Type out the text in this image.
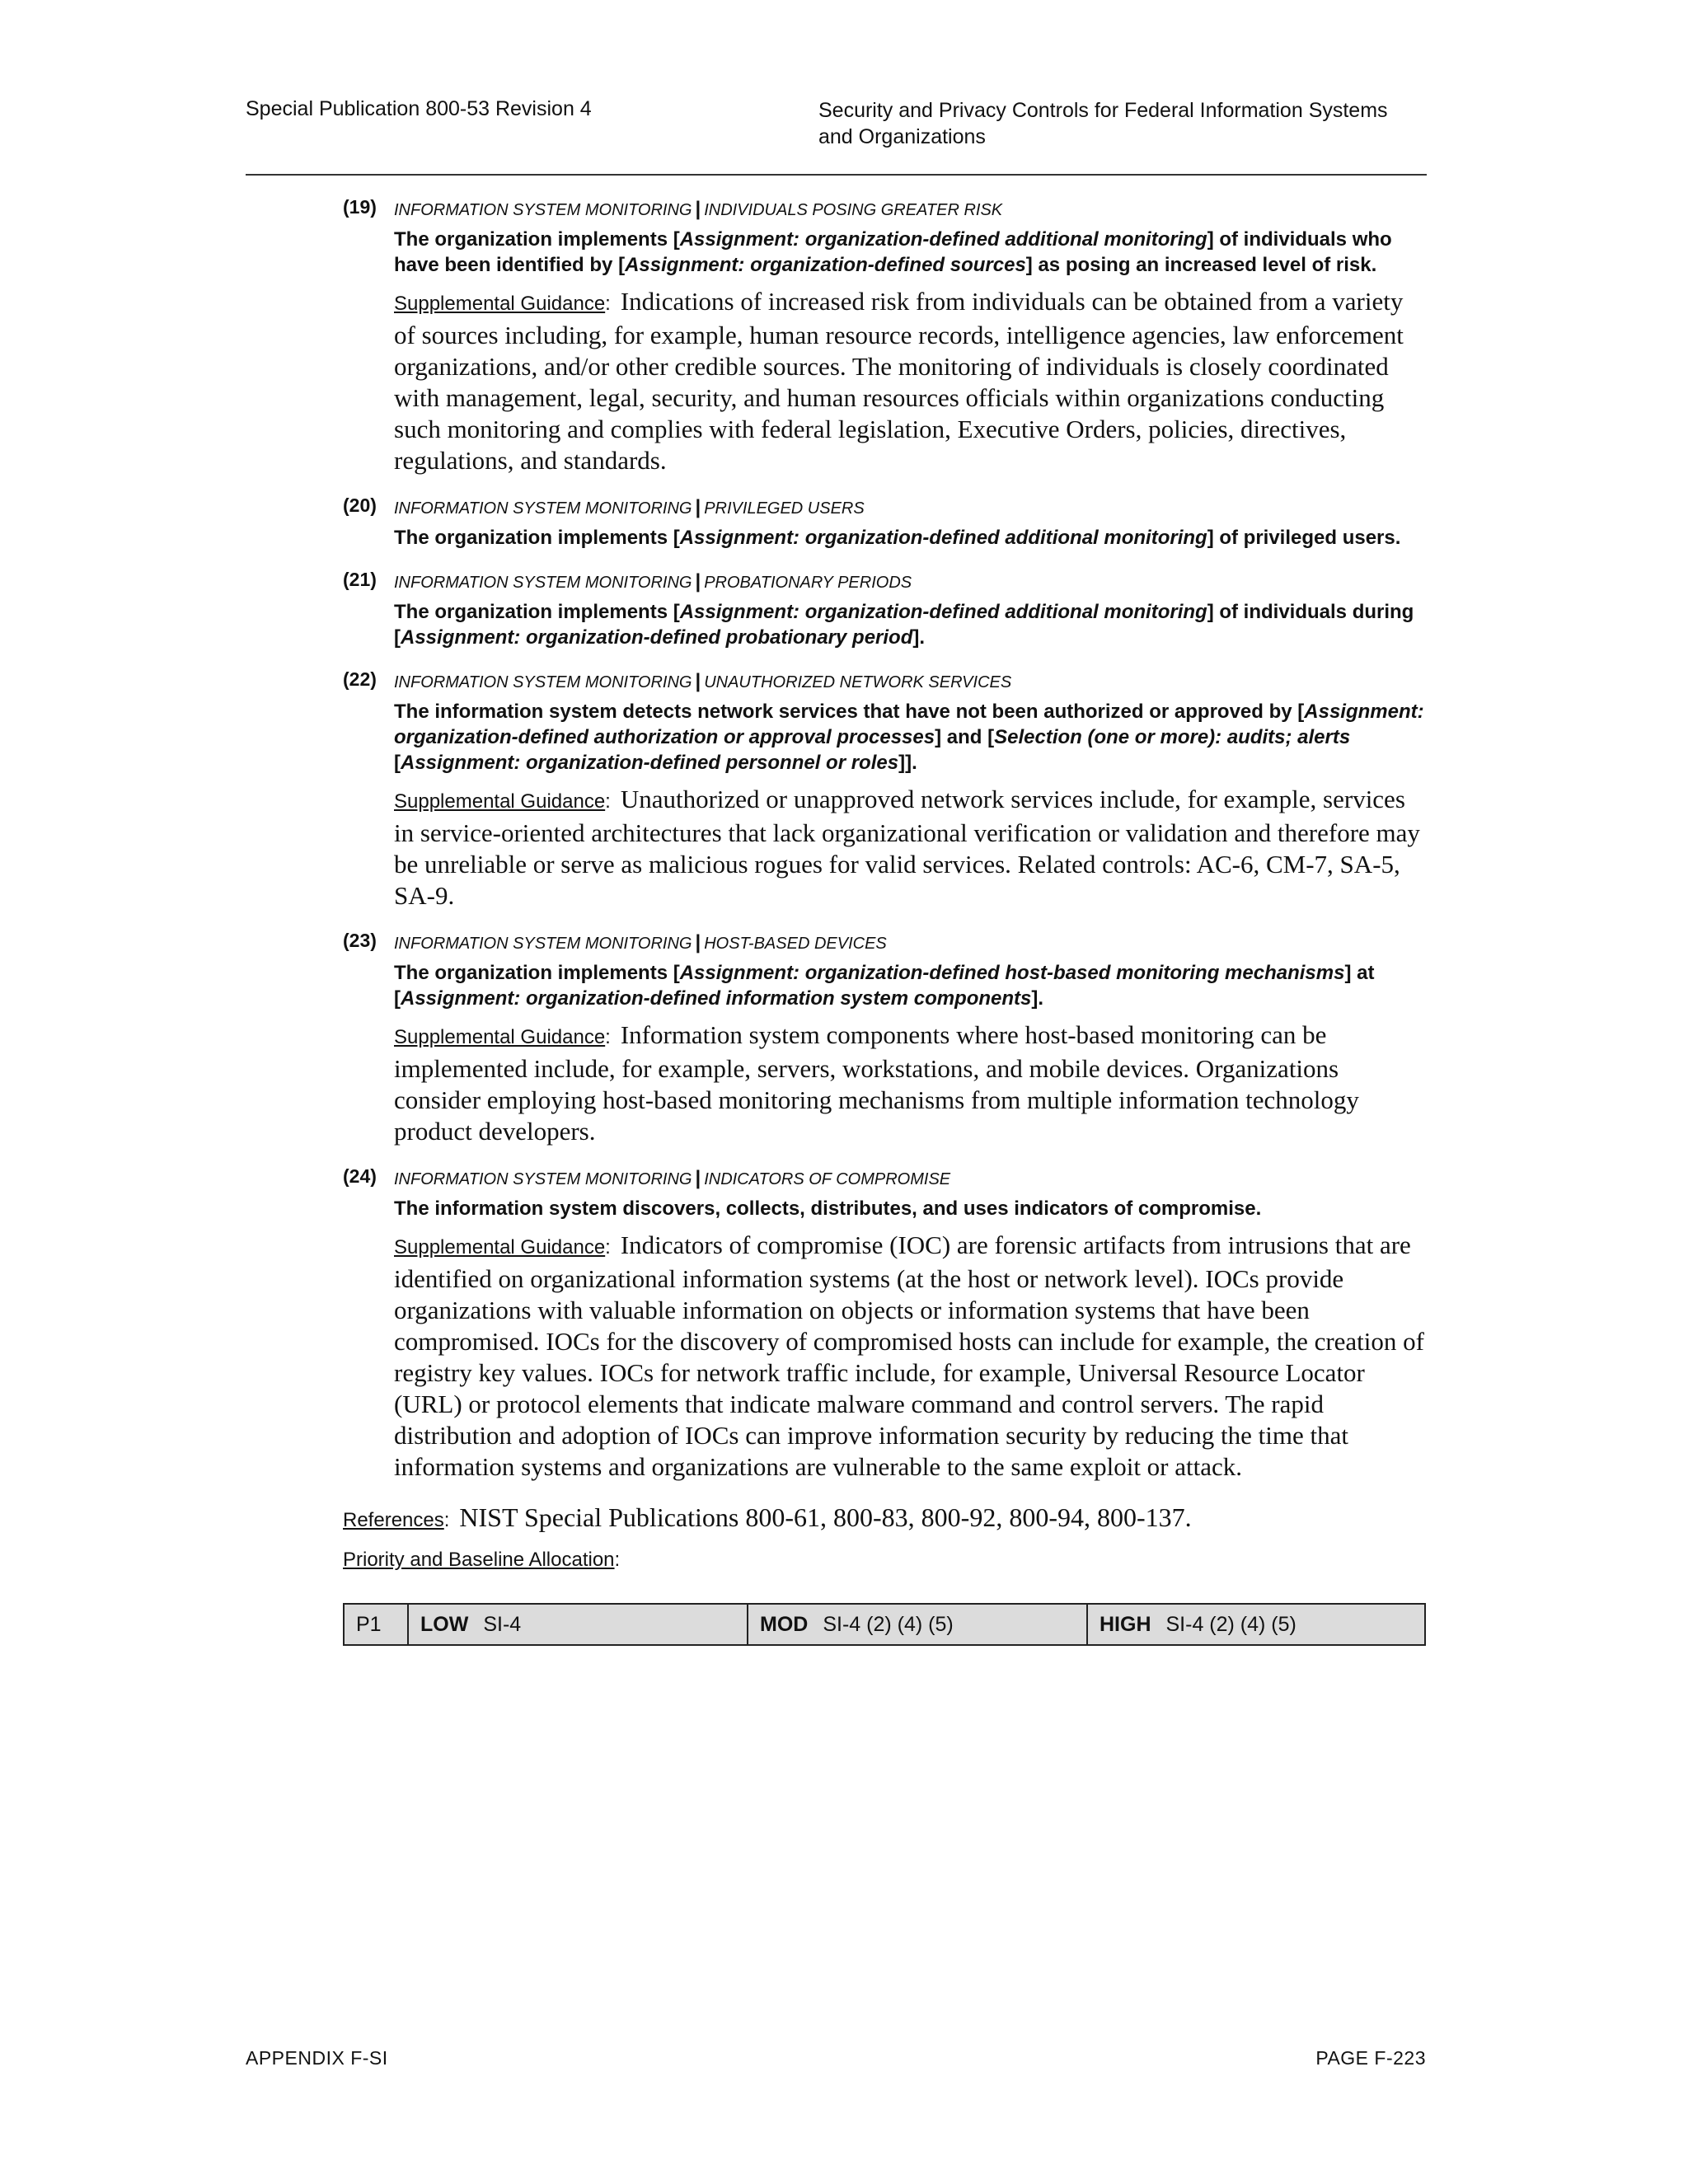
Special Publication 800-53 Revision 4	Security and Privacy Controls for Federal Information Systems
and Organizations
(19) INFORMATION SYSTEM MONITORING | INDIVIDUALS POSING GREATER RISK
The organization implements [Assignment: organization-defined additional monitoring] of individuals who have been identified by [Assignment: organization-defined sources] as posing an increased level of risk.
Supplemental Guidance: Indications of increased risk from individuals can be obtained from a variety of sources including, for example, human resource records, intelligence agencies, law enforcement organizations, and/or other credible sources. The monitoring of individuals is closely coordinated with management, legal, security, and human resources officials within organizations conducting such monitoring and complies with federal legislation, Executive Orders, policies, directives, regulations, and standards.
(20) INFORMATION SYSTEM MONITORING | PRIVILEGED USERS
The organization implements [Assignment: organization-defined additional monitoring] of privileged users.
(21) INFORMATION SYSTEM MONITORING | PROBATIONARY PERIODS
The organization implements [Assignment: organization-defined additional monitoring] of individuals during [Assignment: organization-defined probationary period].
(22) INFORMATION SYSTEM MONITORING | UNAUTHORIZED NETWORK SERVICES
The information system detects network services that have not been authorized or approved by [Assignment: organization-defined authorization or approval processes] and [Selection (one or more): audits; alerts [Assignment: organization-defined personnel or roles]].
Supplemental Guidance: Unauthorized or unapproved network services include, for example, services in service-oriented architectures that lack organizational verification or validation and therefore may be unreliable or serve as malicious rogues for valid services. Related controls: AC-6, CM-7, SA-5, SA-9.
(23) INFORMATION SYSTEM MONITORING | HOST-BASED DEVICES
The organization implements [Assignment: organization-defined host-based monitoring mechanisms] at [Assignment: organization-defined information system components].
Supplemental Guidance: Information system components where host-based monitoring can be implemented include, for example, servers, workstations, and mobile devices. Organizations consider employing host-based monitoring mechanisms from multiple information technology product developers.
(24) INFORMATION SYSTEM MONITORING | INDICATORS OF COMPROMISE
The information system discovers, collects, distributes, and uses indicators of compromise.
Supplemental Guidance: Indicators of compromise (IOC) are forensic artifacts from intrusions that are identified on organizational information systems (at the host or network level). IOCs provide organizations with valuable information on objects or information systems that have been compromised. IOCs for the discovery of compromised hosts can include for example, the creation of registry key values. IOCs for network traffic include, for example, Universal Resource Locator (URL) or protocol elements that indicate malware command and control servers. The rapid distribution and adoption of IOCs can improve information security by reducing the time that information systems and organizations are vulnerable to the same exploit or attack.
References: NIST Special Publications 800-61, 800-83, 800-92, 800-94, 800-137.
Priority and Baseline Allocation:
P1	LOW SI-4	MOD SI-4 (2) (4) (5)	HIGH SI-4 (2) (4) (5)
APPENDIX F-SI	PAGE F-223
